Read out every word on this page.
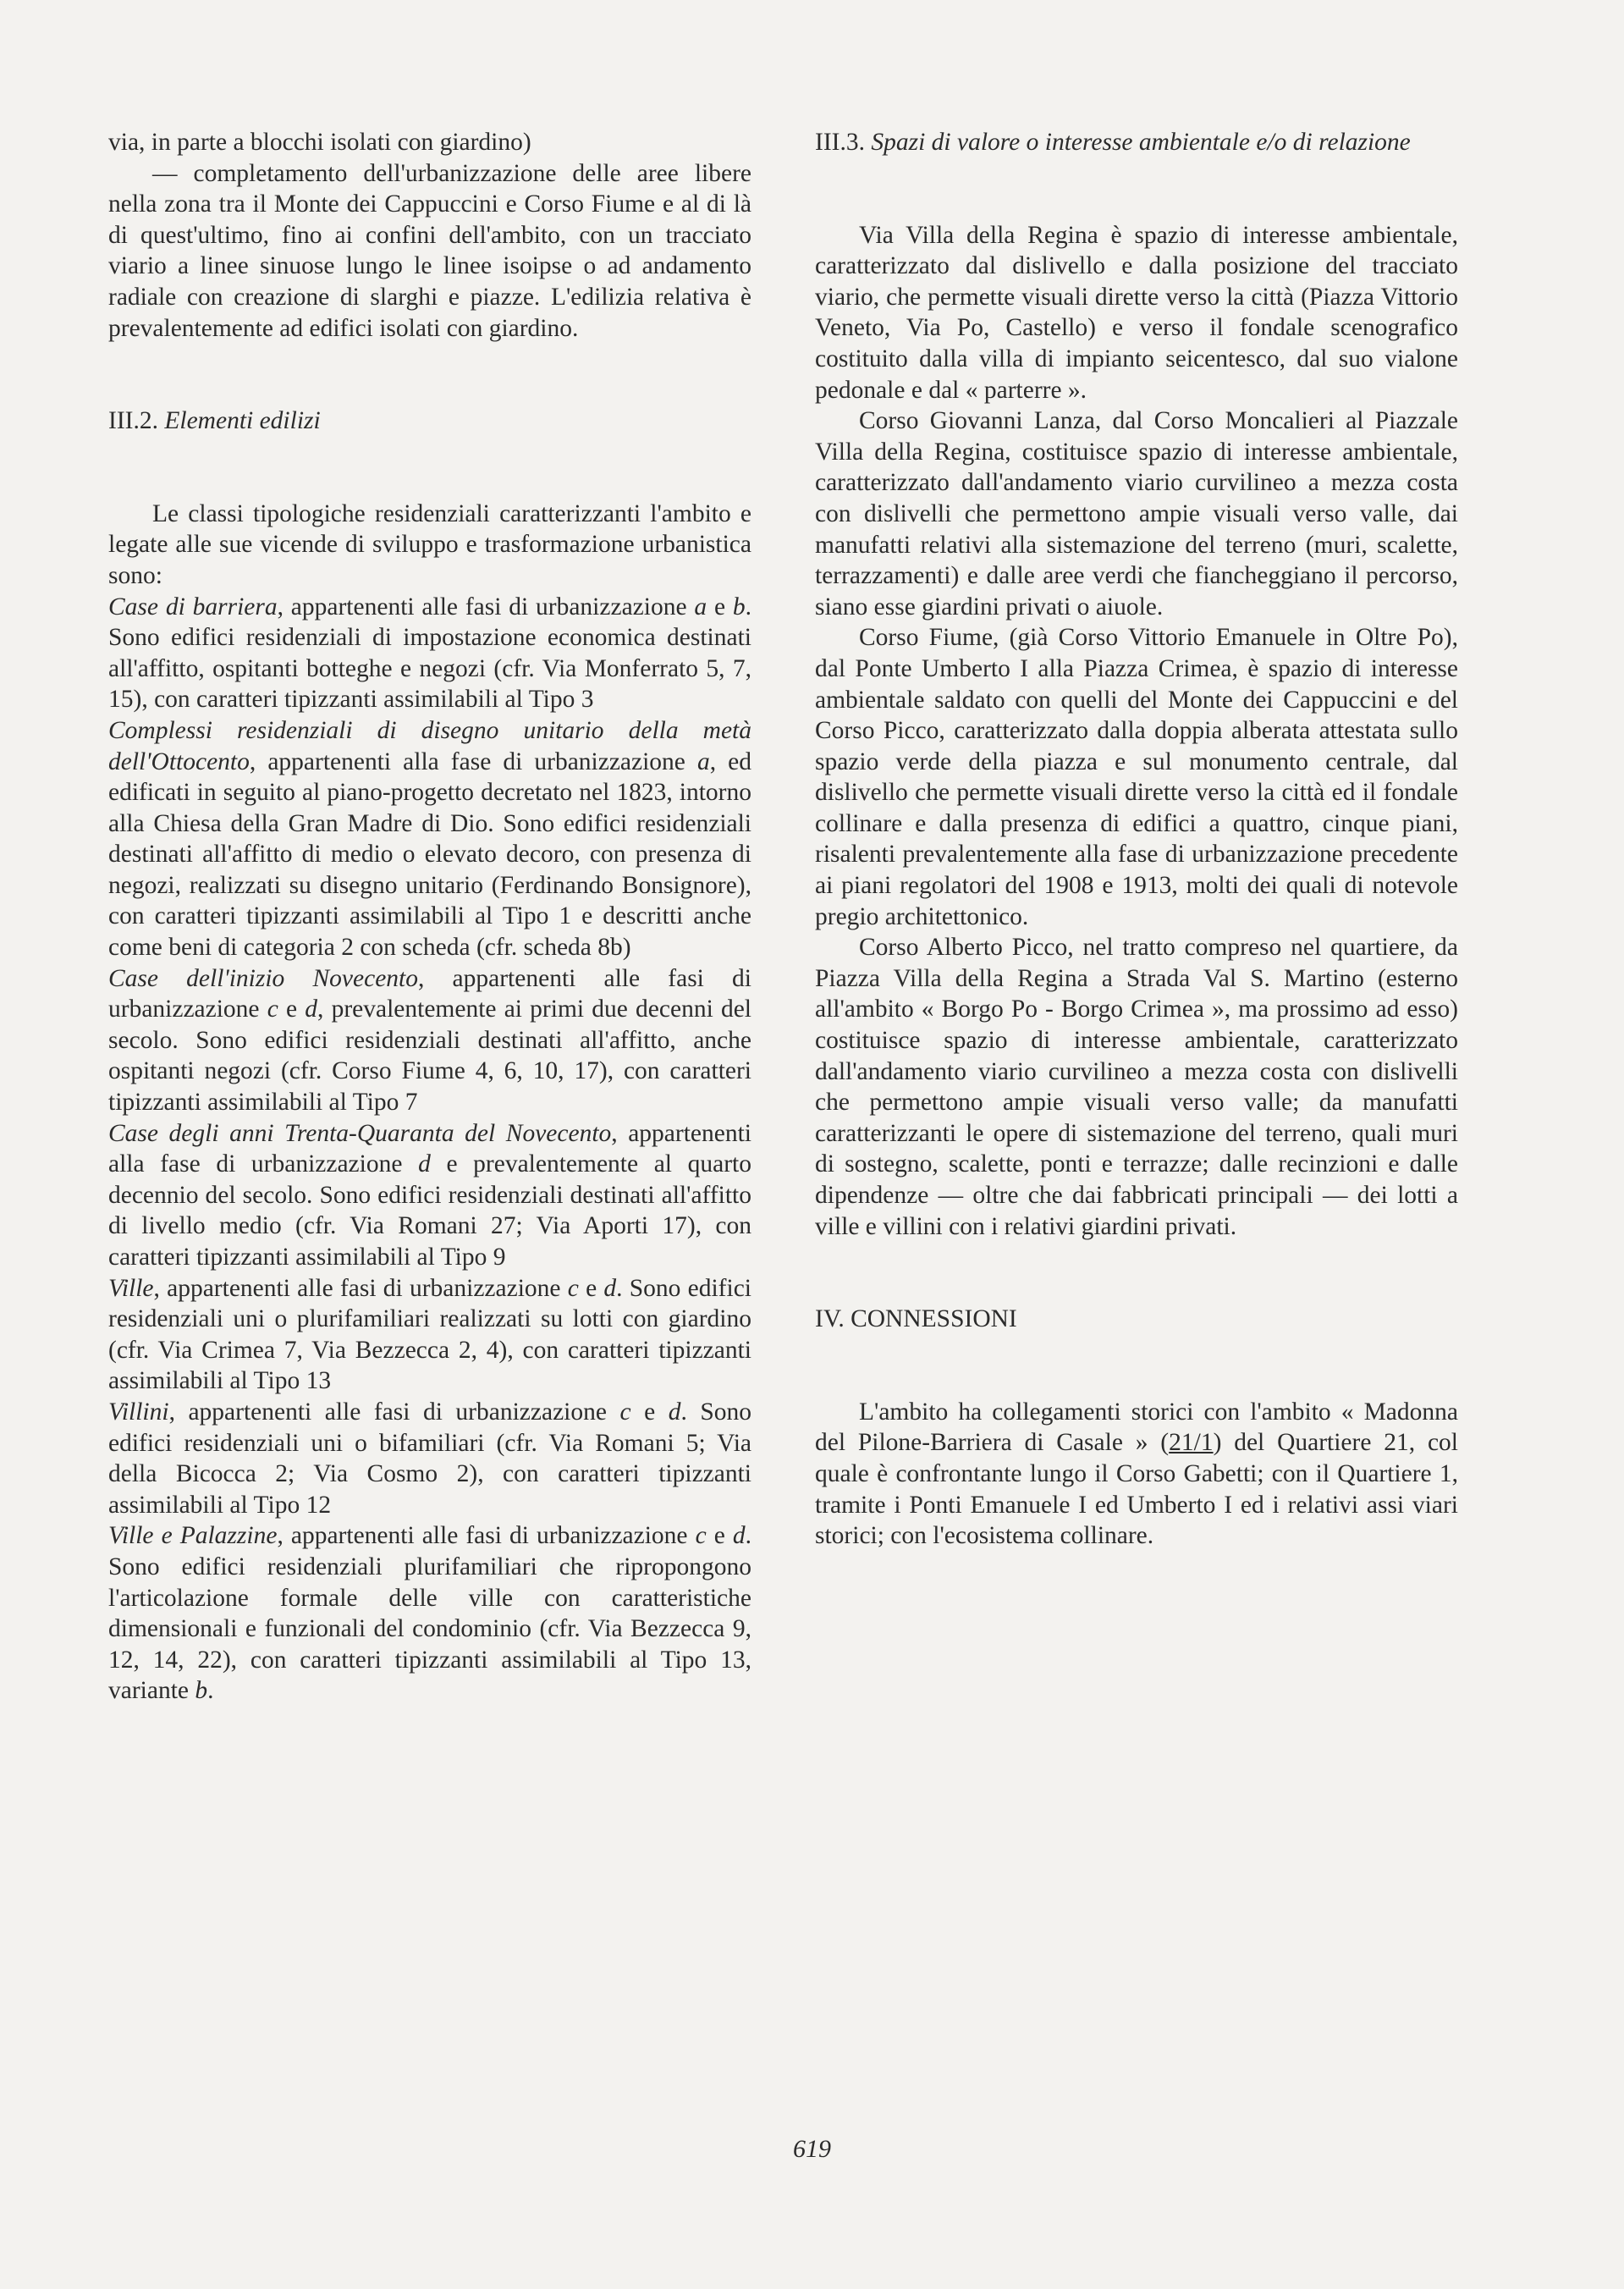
via, in parte a blocchi isolati con giardino)

— completamento dell'urbanizzazione delle aree libere nella zona tra il Monte dei Cappuccini e Corso Fiume e al di là di quest'ultimo, fino ai confini dell'ambito, con un tracciato viario a linee sinuose lungo le linee isoipse o ad andamento radiale con creazione di slarghi e piazze. L'edilizia relativa è prevalentemente ad edifici isolati con giardino.

III.2. Elementi edilizi

Le classi tipologiche residenziali caratterizzanti l'ambito e legate alle sue vicende di sviluppo e trasformazione urbanistica sono:

Case di barriera, appartenenti alle fasi di urbanizzazione a e b. Sono edifici residenziali di impostazione economica destinati all'affitto, ospitanti botteghe e negozi (cfr. Via Monferrato 5, 7, 15), con caratteri tipizzanti assimilabili al Tipo 3

Complessi residenziali di disegno unitario della metà dell'Ottocento, appartenenti alla fase di urbanizzazione a, ed edificati in seguito al piano-progetto decretato nel 1823, intorno alla Chiesa della Gran Madre di Dio. Sono edifici residenziali destinati all'affitto di medio o elevato decoro, con presenza di negozi, realizzati su disegno unitario (Ferdinando Bonsignore), con caratteri tipizzanti assimilabili al Tipo 1 e descritti anche come beni di categoria 2 con scheda (cfr. scheda 8b)

Case dell'inizio Novecento, appartenenti alle fasi di urbanizzazione c e d, prevalentemente ai primi due decenni del secolo. Sono edifici residenziali destinati all'affitto, anche ospitanti negozi (cfr. Corso Fiume 4, 6, 10, 17), con caratteri tipizzanti assimilabili al Tipo 7

Case degli anni Trenta-Quaranta del Novecento, appartenenti alla fase di urbanizzazione d e prevalentemente al quarto decennio del secolo. Sono edifici residenziali destinati all'affitto di livello medio (cfr. Via Romani 27; Via Aporti 17), con caratteri tipizzanti assimilabili al Tipo 9

Ville, appartenenti alle fasi di urbanizzazione c e d. Sono edifici residenziali uni o plurifamiliari realizzati su lotti con giardino (cfr. Via Crimea 7, Via Bezzecca 2, 4), con caratteri tipizzanti assimilabili al Tipo 13

Villini, appartenenti alle fasi di urbanizzazione c e d. Sono edifici residenziali uni o bifamiliari (cfr. Via Romani 5; Via della Bicocca 2; Via Cosmo 2), con caratteri tipizzanti assimilabili al Tipo 12

Ville e Palazzine, appartenenti alle fasi di urbanizzazione c e d. Sono edifici residenziali plurifamiliari che ripropongono l'articolazione formale delle ville con caratteristiche dimensionali e funzionali del condominio (cfr. Via Bezzecca 9, 12, 14, 22), con caratteri tipizzanti assimilabili al Tipo 13, variante b.

III.3. Spazi di valore o interesse ambientale e/o di relazione

Via Villa della Regina è spazio di interesse ambientale, caratterizzato dal dislivello e dalla posizione del tracciato viario, che permette visuali dirette verso la città (Piazza Vittorio Veneto, Via Po, Castello) e verso il fondale scenografico costituito dalla villa di impianto seicentesco, dal suo vialone pedonale e dal « parterre ».

Corso Giovanni Lanza, dal Corso Moncalieri al Piazzale Villa della Regina, costituisce spazio di interesse ambientale, caratterizzato dall'andamento viario curvilineo a mezza costa con dislivelli che permettono ampie visuali verso valle, dai manufatti relativi alla sistemazione del terreno (muri, scalette, terrazzamenti) e dalle aree verdi che fiancheggiano il percorso, siano esse giardini privati o aiuole.

Corso Fiume, (già Corso Vittorio Emanuele in Oltre Po), dal Ponte Umberto I alla Piazza Crimea, è spazio di interesse ambientale saldato con quelli del Monte dei Cappuccini e del Corso Picco, caratterizzato dalla doppia alberata attestata sullo spazio verde della piazza e sul monumento centrale, dal dislivello che permette visuali dirette verso la città ed il fondale collinare e dalla presenza di edifici a quattro, cinque piani, risalenti prevalentemente alla fase di urbanizzazione precedente ai piani regolatori del 1908 e 1913, molti dei quali di notevole pregio architettonico.

Corso Alberto Picco, nel tratto compreso nel quartiere, da Piazza Villa della Regina a Strada Val S. Martino (esterno all'ambito « Borgo Po - Borgo Crimea », ma prossimo ad esso) costituisce spazio di interesse ambientale, caratterizzato dall'andamento viario curvilineo a mezza costa con dislivelli che permettono ampie visuali verso valle; da manufatti caratterizzanti le opere di sistemazione del terreno, quali muri di sostegno, scalette, ponti e terrazze; dalle recinzioni e dalle dipendenze — oltre che dai fabbricati principali — dei lotti a ville e villini con i relativi giardini privati.

IV. CONNESSIONI

L'ambito ha collegamenti storici con l'ambito « Madonna del Pilone-Barriera di Casale » (21/1) del Quartiere 21, col quale è confrontante lungo il Corso Gabetti; con il Quartiere 1, tramite i Ponti Emanuele I ed Umberto I ed i relativi assi viari storici; con l'ecosistema collinare.

619
